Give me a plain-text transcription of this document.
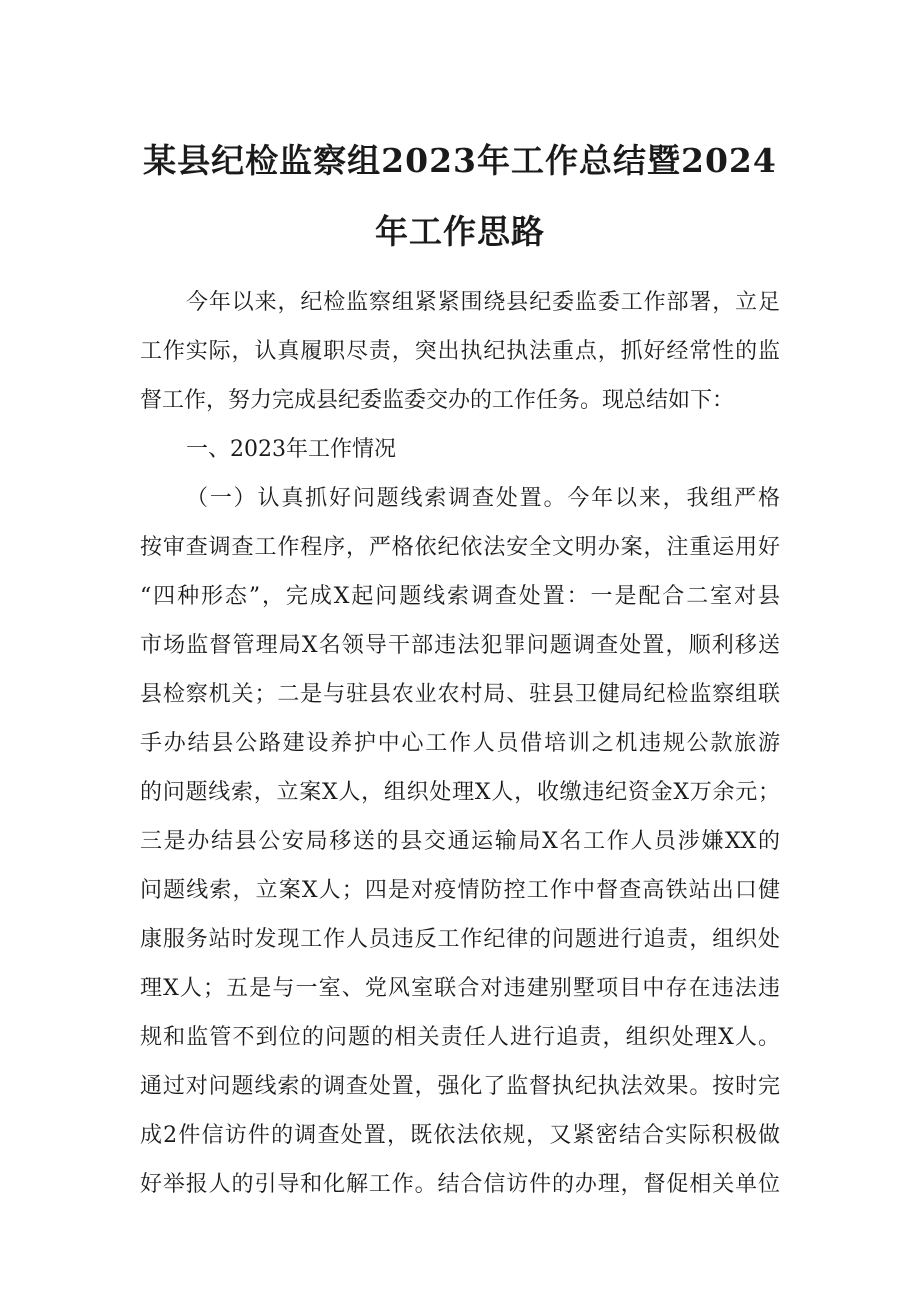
某县纪检监察组2023年工作总结暨2024
年工作思路
今年以来，纪检监察组紧紧围绕县纪委监委工作部署，立足
工作实际，认真履职尽责，突出执纪执法重点，抓好经常性的监
督工作，努力完成县纪委监委交办的工作任务。现总结如下：
一、2023年工作情况
（一）认真抓好问题线索调查处置。今年以来，我组严格
按审查调查工作程序，严格依纪依法安全文明办案，注重运用好
“四种形态”，完成X起问题线索调查处置：一是配合二室对县
市场监督管理局X名领导干部违法犯罪问题调查处置，顺利移送
县检察机关；二是与驻县农业农村局、驻县卫健局纪检监察组联
手办结县公路建设养护中心工作人员借培训之机违规公款旅游
的问题线索，立案X人，组织处理X人，收缴违纪资金X万余元；
三是办结县公安局移送的县交通运输局X名工作人员涉嫌XX的
问题线索，立案X人；四是对疫情防控工作中督查高铁站出口健
康服务站时发现工作人员违反工作纪律的问题进行追责，组织处
理X人；五是与一室、党风室联合对违建别墅项目中存在违法违
规和监管不到位的问题的相关责任人进行追责，组织处理X人。
通过对问题线索的调查处置，强化了监督执纪执法效果。按时完
成2件信访件的调查处置，既依法依规，又紧密结合实际积极做
好举报人的引导和化解工作。结合信访件的办理，督促相关单位
